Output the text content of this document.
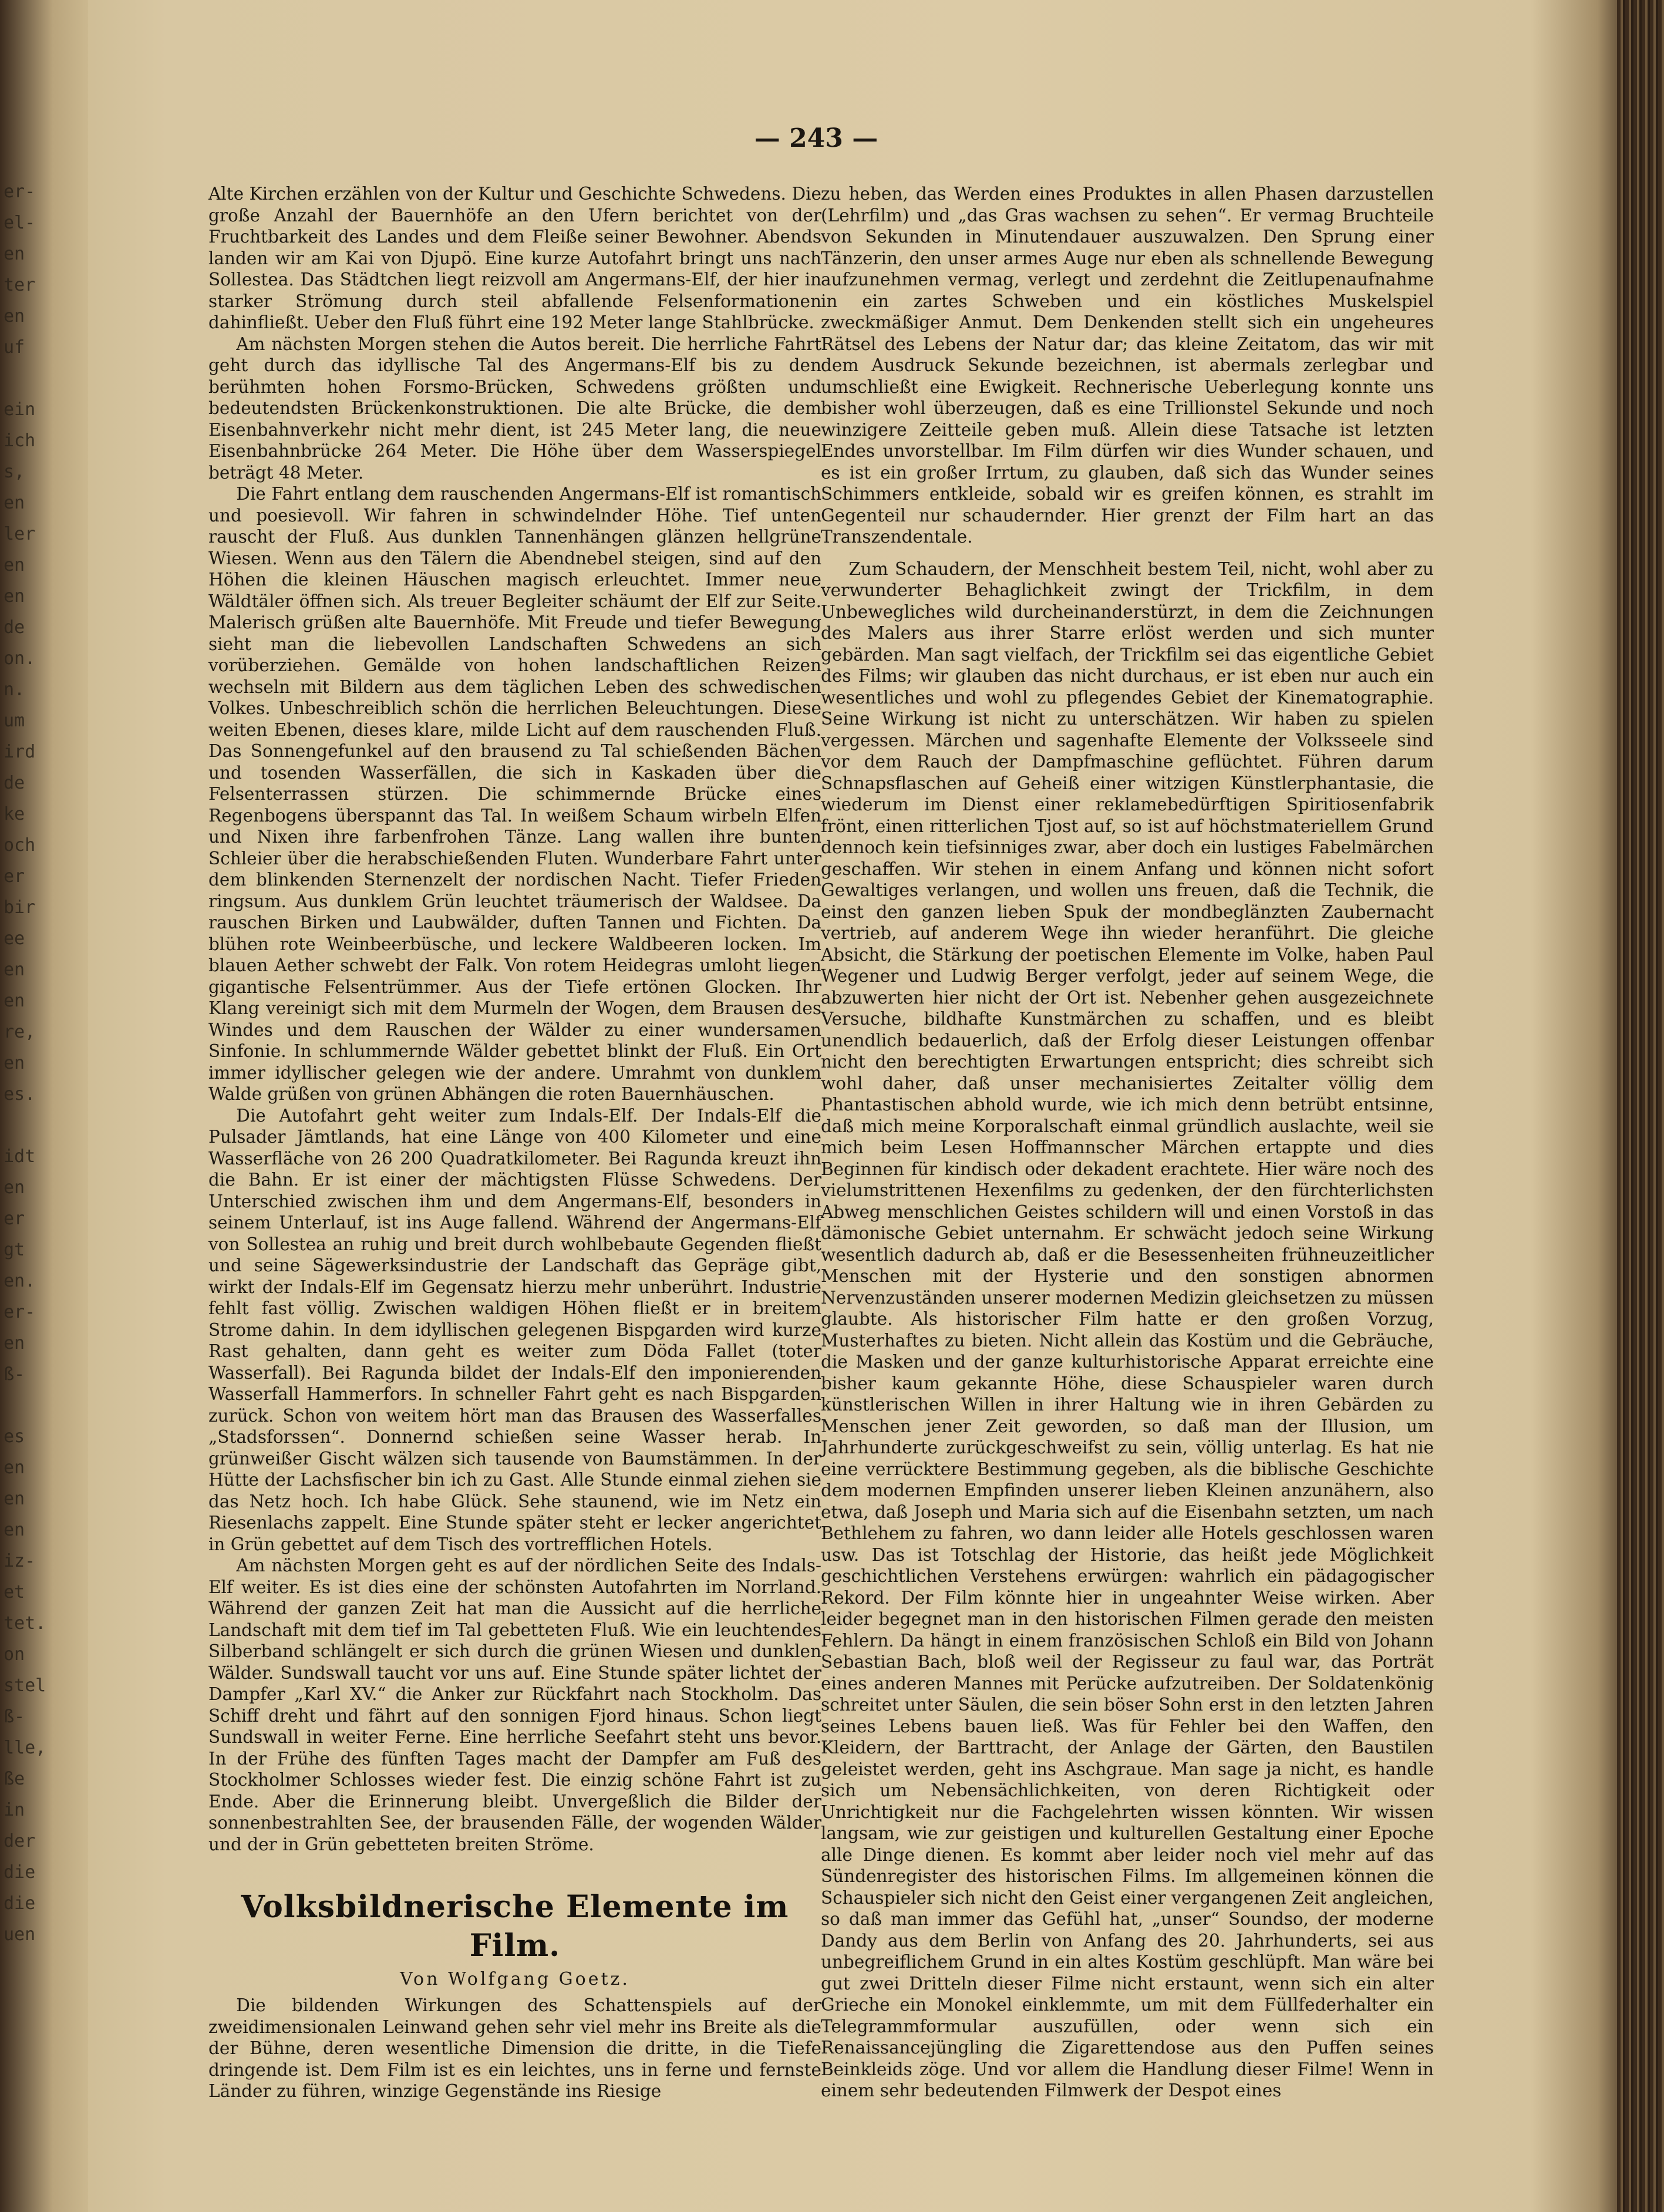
er-
el-
en
ter
en
uf

ein
ich
s,
en
ler
en
en
de
on.
n.
um
ird
de
ke
och
er
bir
ee
en
en
re,
en
es.

idt
en
er
gt
en.
er-
en
ß-

es
en
en
en
iz-
et
tet.
on
stel
ß-
lle,
ße
in
der
die
die
uen
— 243 —

Alte Kirchen erzählen von der Kultur und Geschichte Schwedens. Die große Anzahl der Bauernhöfe an den Ufern berichtet von der Fruchtbarkeit des Landes und dem Fleiße seiner Bewohner. Abends landen wir am Kai von Djupö. Eine kurze Autofahrt bringt uns nach Sollestea. Das Städtchen liegt reizvoll am Angermans-Elf, der hier in starker Strömung durch steil abfallende Felsenformationen dahinfließt. Ueber den Fluß führt eine 192 Meter lange Stahlbrücke.

Am nächsten Morgen stehen die Autos bereit. Die herrliche Fahrt geht durch das idyllische Tal des Angermans-Elf bis zu den berühmten hohen Forsmo-Brücken, Schwedens größten und bedeutendsten Brückenkonstruktionen. Die alte Brücke, die dem Eisenbahnverkehr nicht mehr dient, ist 245 Meter lang, die neue Eisenbahnbrücke 264 Meter. Die Höhe über dem Wasserspiegel beträgt 48 Meter.

Die Fahrt entlang dem rauschenden Angermans-Elf ist romantisch und poesievoll. Wir fahren in schwindelnder Höhe. Tief unten rauscht der Fluß. Aus dunklen Tannenhängen glänzen hellgrüne Wiesen. Wenn aus den Tälern die Abendnebel steigen, sind auf den Höhen die kleinen Häuschen magisch erleuchtet. Immer neue Wäldtäler öffnen sich. Als treuer Begleiter schäumt der Elf zur Seite. Malerisch grüßen alte Bauernhöfe. Mit Freude und tiefer Bewegung sieht man die liebevollen Landschaften Schwedens an sich vorüberziehen. Gemälde von hohen landschaftlichen Reizen wechseln mit Bildern aus dem täglichen Leben des schwedischen Volkes. Unbeschreiblich schön die herrlichen Beleuchtungen. Diese weiten Ebenen, dieses klare, milde Licht auf dem rauschenden Fluß. Das Sonnengefunkel auf den brausend zu Tal schießenden Bächen und tosenden Wasserfällen, die sich in Kaskaden über die Felsenterrassen stürzen. Die schimmernde Brücke eines Regenbogens überspannt das Tal. In weißem Schaum wirbeln Elfen und Nixen ihre farbenfrohen Tänze. Lang wallen ihre bunten Schleier über die herabschießenden Fluten. Wunderbare Fahrt unter dem blinkenden Sternenzelt der nordischen Nacht. Tiefer Frieden ringsum. Aus dunklem Grün leuchtet träumerisch der Waldsee. Da rauschen Birken und Laubwälder, duften Tannen und Fichten. Da blühen rote Weinbeerbüsche, und leckere Waldbeeren locken. Im blauen Aether schwebt der Falk. Von rotem Heidegras umloht liegen gigantische Felsentrümmer. Aus der Tiefe ertönen Glocken. Ihr Klang vereinigt sich mit dem Murmeln der Wogen, dem Brausen des Windes und dem Rauschen der Wälder zu einer wundersamen Sinfonie. In schlummernde Wälder gebettet blinkt der Fluß. Ein Ort immer idyllischer gelegen wie der andere. Umrahmt von dunklem Walde grüßen von grünen Abhängen die roten Bauernhäuschen.

Die Autofahrt geht weiter zum Indals-Elf. Der Indals-Elf die Pulsader Jämtlands, hat eine Länge von 400 Kilometer und eine Wasserfläche von 26 200 Quadratkilometer. Bei Ragunda kreuzt ihn die Bahn. Er ist einer der mächtigsten Flüsse Schwedens. Der Unterschied zwischen ihm und dem Angermans-Elf, besonders in seinem Unterlauf, ist ins Auge fallend. Während der Angermans-Elf von Sollestea an ruhig und breit durch wohlbebaute Gegenden fließt und seine Sägewerksindustrie der Landschaft das Gepräge gibt, wirkt der Indals-Elf im Gegensatz hierzu mehr unberührt. Industrie fehlt fast völlig. Zwischen waldigen Höhen fließt er in breitem Strome dahin. In dem idyllischen gelegenen Bispgarden wird kurze Rast gehalten, dann geht es weiter zum Döda Fallet (toter Wasserfall). Bei Ragunda bildet der Indals-Elf den imponierenden Wasserfall Hammerfors. In schneller Fahrt geht es nach Bispgarden zurück. Schon von weitem hört man das Brausen des Wasserfalles „Stadsforssen“. Donnernd schießen seine Wasser herab. In grünweißer Gischt wälzen sich tausende von Baumstämmen. In der Hütte der Lachsfischer bin ich zu Gast. Alle Stunde einmal ziehen sie das Netz hoch. Ich habe Glück. Sehe staunend, wie im Netz ein Riesenlachs zappelt. Eine Stunde später steht er lecker angerichtet in Grün gebettet auf dem Tisch des vortrefflichen Hotels.

Am nächsten Morgen geht es auf der nördlichen Seite des Indals-Elf weiter. Es ist dies eine der schönsten Autofahrten im Norrland. Während der ganzen Zeit hat man die Aussicht auf die herrliche Landschaft mit dem tief im Tal gebetteten Fluß. Wie ein leuchtendes Silberband schlängelt er sich durch die grünen Wiesen und dunklen Wälder. Sundswall taucht vor uns auf. Eine Stunde später lichtet der Dampfer „Karl XV.“ die Anker zur Rückfahrt nach Stockholm. Das Schiff dreht und fährt auf den sonnigen Fjord hinaus. Schon liegt Sundswall in weiter Ferne. Eine herrliche Seefahrt steht uns bevor. In der Frühe des fünften Tages macht der Dampfer am Fuß des Stockholmer Schlosses wieder fest. Die einzig schöne Fahrt ist zu Ende. Aber die Erinnerung bleibt. Unvergeßlich die Bilder der sonnenbestrahlten See, der brausenden Fälle, der wogenden Wälder und der in Grün gebetteten breiten Ströme.

Volksbildnerische Elemente im Film.
Von Wolfgang Goetz.

Die bildenden Wirkungen des Schattenspiels auf der zweidimensionalen Leinwand gehen sehr viel mehr ins Breite als die der Bühne, deren wesentliche Dimension die dritte, in die Tiefe dringende ist. Dem Film ist es ein leichtes, uns in ferne und fernste Länder zu führen, winzige Gegenstände ins Riesige

zu heben, das Werden eines Produktes in allen Phasen darzustellen (Lehrfilm) und „das Gras wachsen zu sehen“. Er vermag Bruchteile von Sekunden in Minutendauer auszuwalzen. Den Sprung einer Tänzerin, den unser armes Auge nur eben als schnellende Bewegung aufzunehmen vermag, verlegt und zerdehnt die Zeitlupenaufnahme in ein zartes Schweben und ein köstliches Muskelspiel zweckmäßiger Anmut. Dem Denkenden stellt sich ein ungeheures Rätsel des Lebens der Natur dar; das kleine Zeitatom, das wir mit dem Ausdruck Sekunde bezeichnen, ist abermals zerlegbar und umschließt eine Ewigkeit. Rechnerische Ueberlegung konnte uns bisher wohl überzeugen, daß es eine Trillionstel Sekunde und noch winzigere Zeitteile geben muß. Allein diese Tatsache ist letzten Endes unvorstellbar. Im Film dürfen wir dies Wunder schauen, und es ist ein großer Irrtum, zu glauben, daß sich das Wunder seines Schimmers entkleide, sobald wir es greifen können, es strahlt im Gegenteil nur schaudernder. Hier grenzt der Film hart an das Transzendentale.

Zum Schaudern, der Menschheit bestem Teil, nicht, wohl aber zu verwunderter Behaglichkeit zwingt der Trickfilm, in dem Unbewegliches wild durcheinanderstürzt, in dem die Zeichnungen des Malers aus ihrer Starre erlöst werden und sich munter gebärden. Man sagt vielfach, der Trickfilm sei das eigentliche Gebiet des Films; wir glauben das nicht durchaus, er ist eben nur auch ein wesentliches und wohl zu pflegendes Gebiet der Kinematographie. Seine Wirkung ist nicht zu unterschätzen. Wir haben zu spielen vergessen. Märchen und sagenhafte Elemente der Volksseele sind vor dem Rauch der Dampfmaschine geflüchtet. Führen darum Schnapsflaschen auf Geheiß einer witzigen Künstlerphantasie, die wiederum im Dienst einer reklamebedürftigen Spiritiosenfabrik frönt, einen ritterlichen Tjost auf, so ist auf höchstmateriellem Grund dennoch kein tiefsinniges zwar, aber doch ein lustiges Fabelmärchen geschaffen. Wir stehen in einem Anfang und können nicht sofort Gewaltiges verlangen, und wollen uns freuen, daß die Technik, die einst den ganzen lieben Spuk der mondbeglänzten Zaubernacht vertrieb, auf anderem Wege ihn wieder heranführt. Die gleiche Absicht, die Stärkung der poetischen Elemente im Volke, haben Paul Wegener und Ludwig Berger verfolgt, jeder auf seinem Wege, die abzuwerten hier nicht der Ort ist. Nebenher gehen ausgezeichnete Versuche, bildhafte Kunstmärchen zu schaffen, und es bleibt unendlich bedauerlich, daß der Erfolg dieser Leistungen offenbar nicht den berechtigten Erwartungen entspricht; dies schreibt sich wohl daher, daß unser mechanisiertes Zeitalter völlig dem Phantastischen abhold wurde, wie ich mich denn betrübt entsinne, daß mich meine Korporalschaft einmal gründlich auslachte, weil sie mich beim Lesen Hoffmannscher Märchen ertappte und dies Beginnen für kindisch oder dekadent erachtete. Hier wäre noch des vielumstrittenen Hexenfilms zu gedenken, der den fürchterlichsten Abweg menschlichen Geistes schildern will und einen Vorstoß in das dämonische Gebiet unternahm. Er schwächt jedoch seine Wirkung wesentlich dadurch ab, daß er die Besessenheiten frühneuzeitlicher Menschen mit der Hysterie und den sonstigen abnormen Nervenzuständen unserer modernen Medizin gleichsetzen zu müssen glaubte. Als historischer Film hatte er den großen Vorzug, Musterhaftes zu bieten. Nicht allein das Kostüm und die Gebräuche, die Masken und der ganze kulturhistorische Apparat erreichte eine bisher kaum gekannte Höhe, diese Schauspieler waren durch künstlerischen Willen in ihrer Haltung wie in ihren Gebärden zu Menschen jener Zeit geworden, so daß man der Illusion, um Jahrhunderte zurückgeschweifst zu sein, völlig unterlag. Es hat nie eine verrücktere Bestimmung gegeben, als die biblische Geschichte dem modernen Empfinden unserer lieben Kleinen anzunähern, also etwa, daß Joseph und Maria sich auf die Eisenbahn setzten, um nach Bethlehem zu fahren, wo dann leider alle Hotels geschlossen waren usw. Das ist Totschlag der Historie, das heißt jede Möglichkeit geschichtlichen Verstehens erwürgen: wahrlich ein pädagogischer Rekord. Der Film könnte hier in ungeahnter Weise wirken. Aber leider begegnet man in den historischen Filmen gerade den meisten Fehlern. Da hängt in einem französischen Schloß ein Bild von Johann Sebastian Bach, bloß weil der Regisseur zu faul war, das Porträt eines anderen Mannes mit Perücke aufzutreiben. Der Soldatenkönig schreitet unter Säulen, die sein böser Sohn erst in den letzten Jahren seines Lebens bauen ließ. Was für Fehler bei den Waffen, den Kleidern, der Barttracht, der Anlage der Gärten, den Baustilen geleistet werden, geht ins Aschgraue. Man sage ja nicht, es handle sich um Nebensächlichkeiten, von deren Richtigkeit oder Unrichtigkeit nur die Fachgelehrten wissen könnten. Wir wissen langsam, wie zur geistigen und kulturellen Gestaltung einer Epoche alle Dinge dienen. Es kommt aber leider noch viel mehr auf das Sündenregister des historischen Films. Im allgemeinen können die Schauspieler sich nicht den Geist einer vergangenen Zeit angleichen, so daß man immer das Gefühl hat, „unser“ Soundso, der moderne Dandy aus dem Berlin von Anfang des 20. Jahrhunderts, sei aus unbegreiflichem Grund in ein altes Kostüm geschlüpft. Man wäre bei gut zwei Dritteln dieser Filme nicht erstaunt, wenn sich ein alter Grieche ein Monokel einklemmte, um mit dem Füllfederhalter ein Telegrammformular auszufüllen, oder wenn sich ein Renaissancejüngling die Zigarettendose aus den Puffen seines Beinkleids zöge. Und vor allem die Handlung dieser Filme! Wenn in einem sehr bedeutenden Filmwerk der Despot eines
